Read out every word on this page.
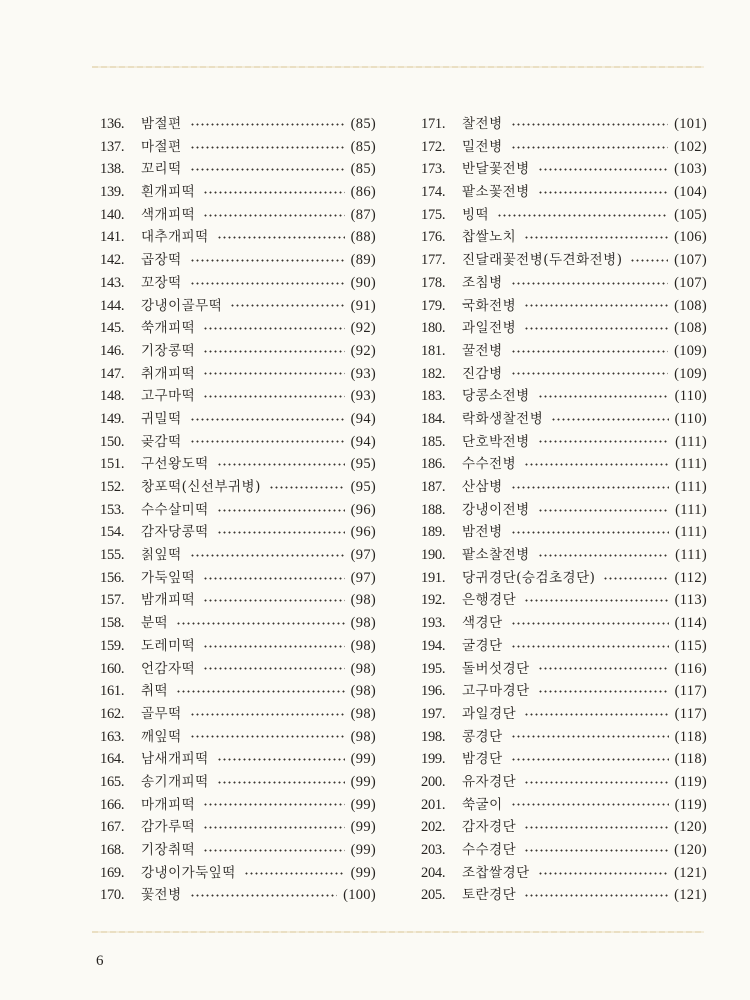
136.	밤절편	(85)
137.	마절편	(85)
138.	꼬리떡	(85)
139.	흰개피떡	(86)
140.	색개피떡	(87)
141.	대추개피떡	(88)
142.	곱장떡	(89)
143.	꼬장떡	(90)
144.	강냉이골무떡	(91)
145.	쑥개피떡	(92)
146.	기장콩떡	(92)
147.	취개피떡	(93)
148.	고구마떡	(93)
149.	귀밀떡	(94)
150.	곶감떡	(94)
151.	구선왕도떡	(95)
152.	창포떡(신선부귀병)	(95)
153.	수수살미떡	(96)
154.	감자당콩떡	(96)
155.	칡잎떡	(97)
156.	가둑잎떡	(97)
157.	밤개피떡	(98)
158.	분떡	(98)
159.	도레미떡	(98)
160.	언감자떡	(98)
161.	취떡	(98)
162.	골무떡	(98)
163.	깨잎떡	(98)
164.	남새개피떡	(99)
165.	송기개피떡	(99)
166.	마개피떡	(99)
167.	감가루떡	(99)
168.	기장취떡	(99)
169.	강냉이가둑잎떡	(99)
170.	꽃전병	(100)
171.	찰전병	(101)
172.	밀전병	(102)
173.	반달꽃전병	(103)
174.	팥소꽃전병	(104)
175.	빙떡	(105)
176.	찹쌀노치	(106)
177.	진달래꽃전병(두견화전병)	(107)
178.	조침병	(107)
179.	국화전병	(108)
180.	과일전병	(108)
181.	꿀전병	(109)
182.	진감병	(109)
183.	당콩소전병	(110)
184.	락화생찰전병	(110)
185.	단호박전병	(111)
186.	수수전병	(111)
187.	산삼병	(111)
188.	강냉이전병	(111)
189.	밤전병	(111)
190.	팥소찰전병	(111)
191.	당귀경단(승검초경단)	(112)
192.	은행경단	(113)
193.	색경단	(114)
194.	굴경단	(115)
195.	돌버섯경단	(116)
196.	고구마경단	(117)
197.	과일경단	(117)
198.	콩경단	(118)
199.	밤경단	(118)
200.	유자경단	(119)
201.	쑥굴이	(119)
202.	감자경단	(120)
203.	수수경단	(120)
204.	조찹쌀경단	(121)
205.	토란경단	(121)
6
